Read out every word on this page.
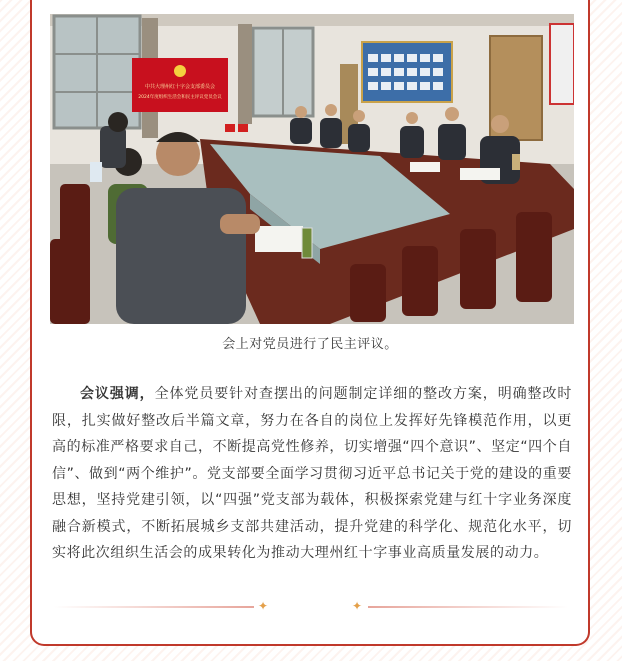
中共大理州红十字会支部委员会
2024年度组织生活会和民主评议党员会议
会上对党员进行了民主评议。

会议强调，全体党员要针对查摆出的问题制定详细的整改方案，明确整改时限，扎实做好整改后半篇文章，努力在各自的岗位上发挥好先锋模范作用，以更高的标准严格要求自己，不断提高党性修养，切实增强“四个意识”、坚定“四个自信”、做到“两个维护”。党支部要全面学习贯彻习近平总书记关于党的建设的重要思想，坚持党建引领，以“四强”党支部为载体，积极探索党建与红十字业务深度融合新模式，不断拓展城乡支部共建活动，提升党建的科学化、规范化水平，切实将此次组织生活会的成果转化为推动大理州红十字事业高质量发展的动力。

✦	✦
